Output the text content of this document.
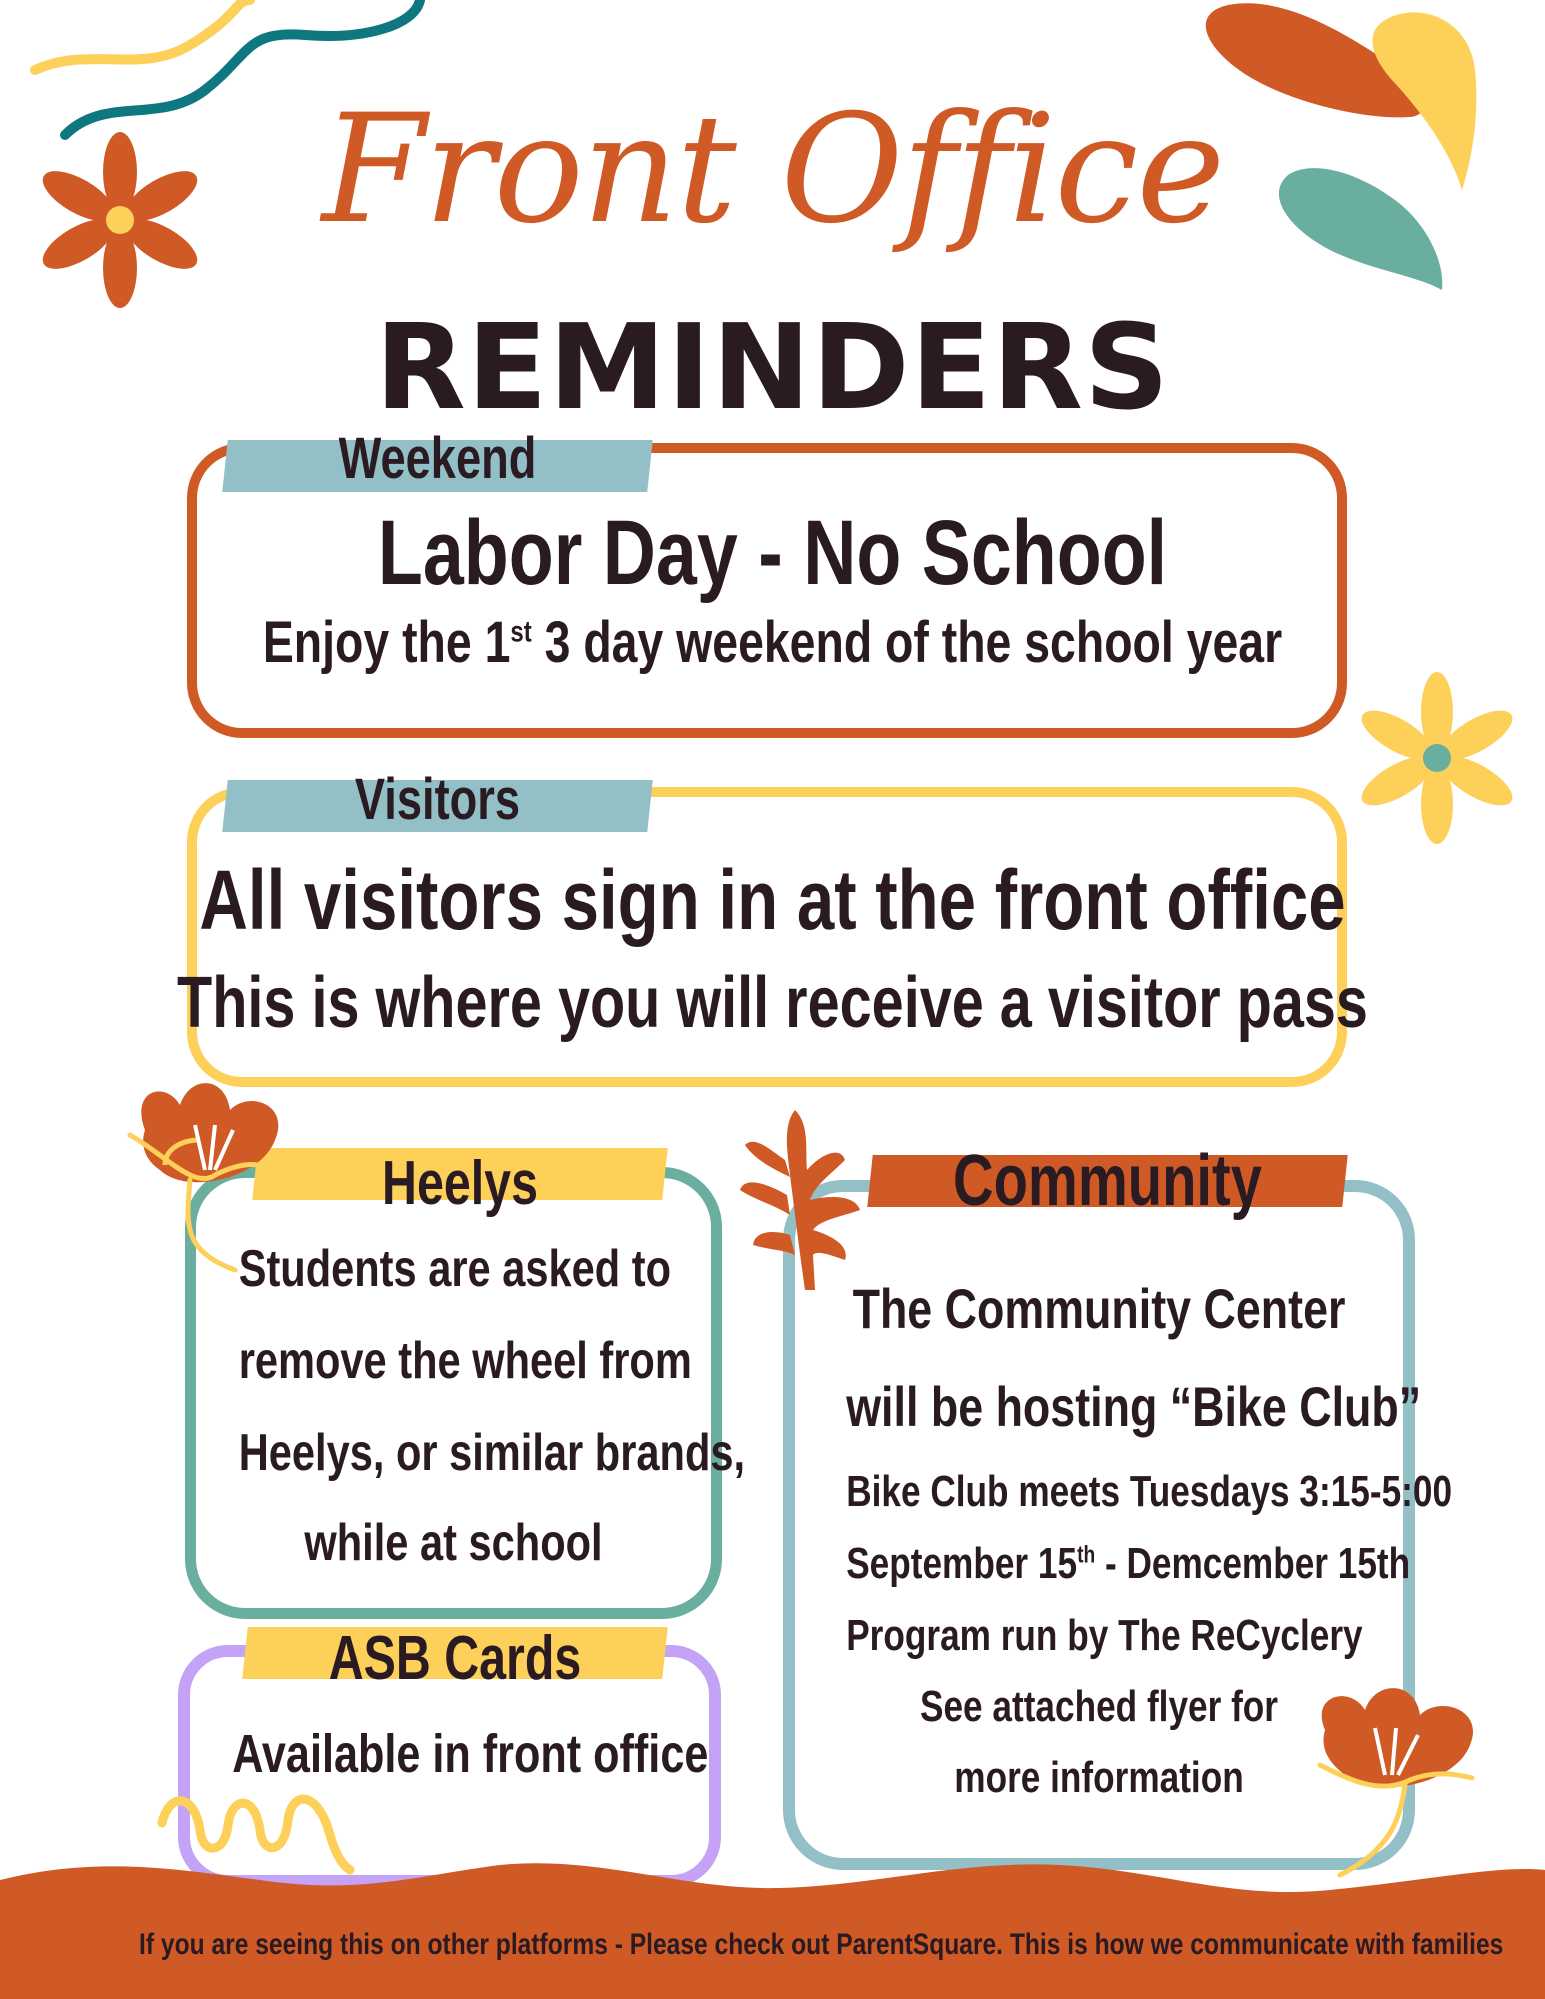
Front Office
REMINDERS
Weekend
Labor Day - No School
Enjoy the 1st 3 day weekend of the school year
Visitors
All visitors sign in at the front office
This is where you will receive a visitor pass
Heelys
Students are asked to
remove the wheel from
Heelys, or similar brands,
while at school
ASB Cards
Available in front office
Community
The Community Center
will be hosting “Bike Club”
Bike Club meets Tuesdays 3:15-5:00
September 15th - Demcember 15th
Program run by The ReCyclery
See attached flyer for
more information
If you are seeing this on other platforms - Please check out ParentSquare. This is how we communicate with families
